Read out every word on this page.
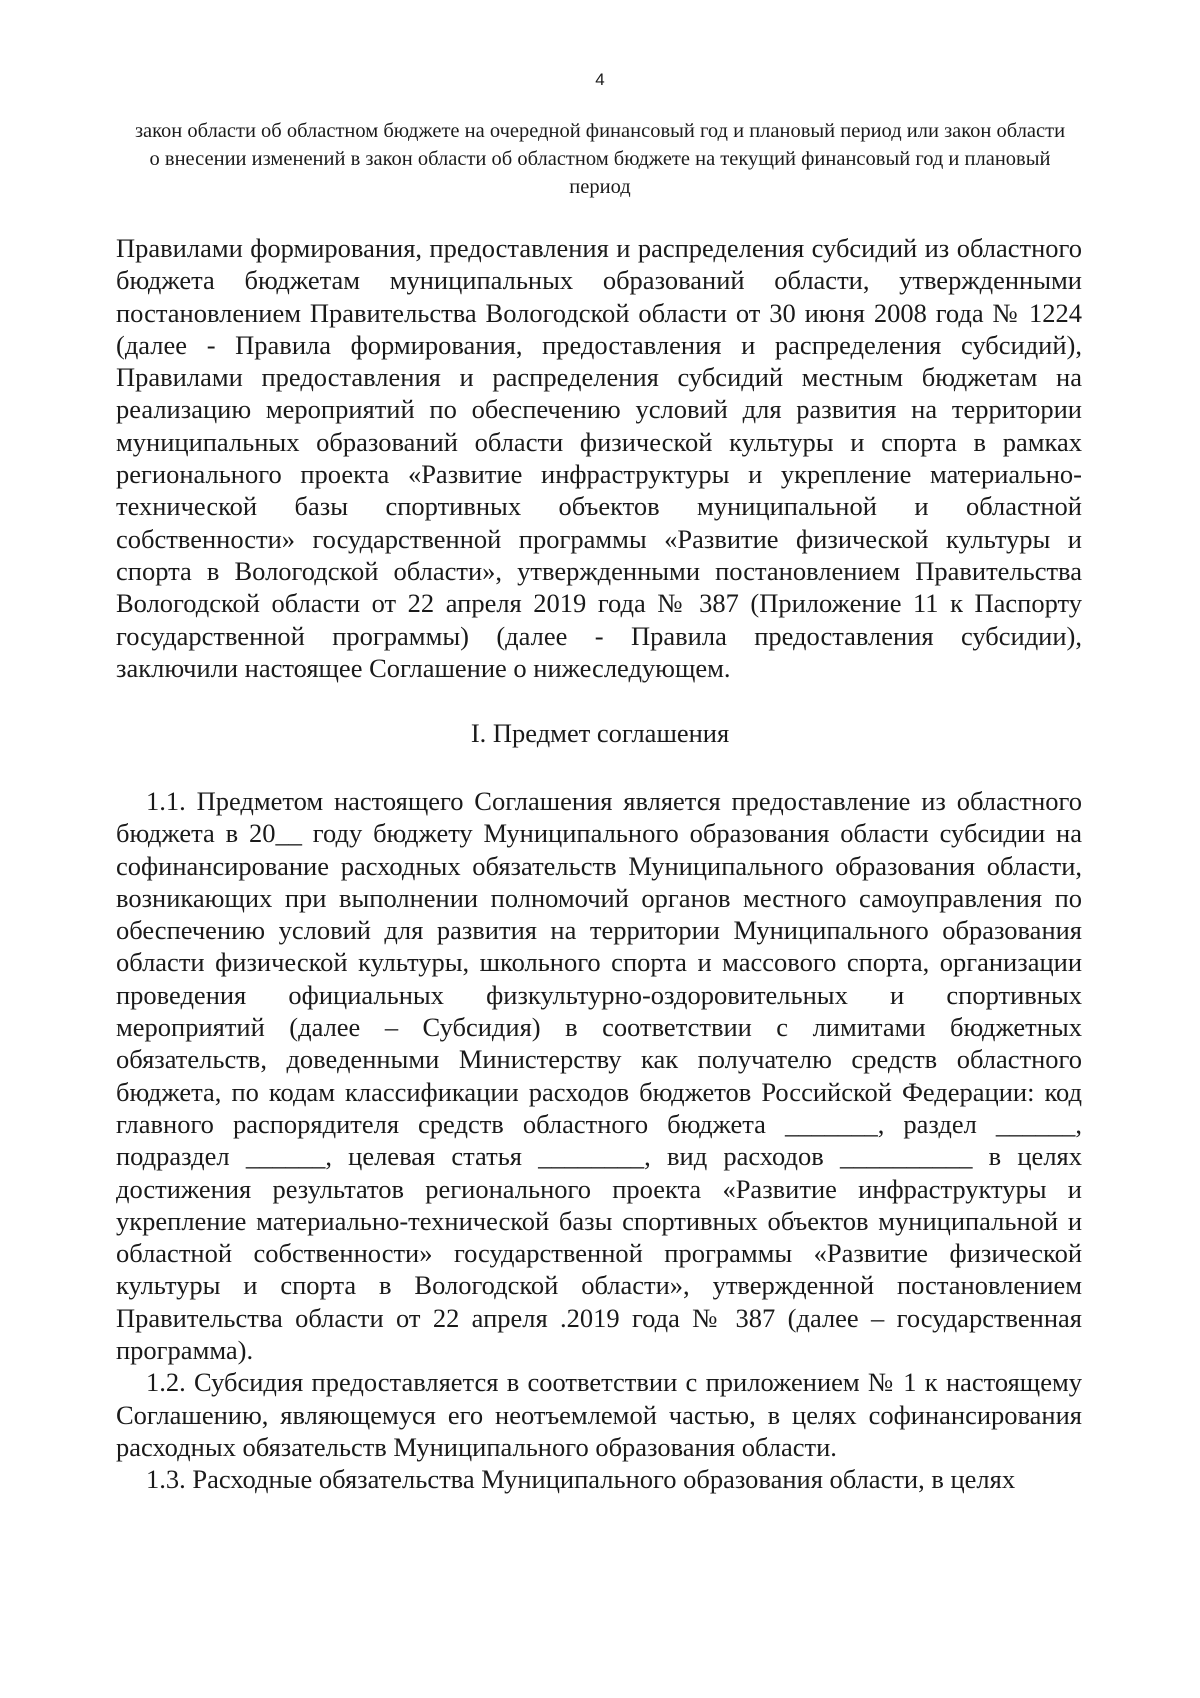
4
закон области об областном бюджете на очередной финансовый год и плановый период или закон области о внесении изменений в закон области об областном бюджете на текущий финансовый год и плановый период

Правилами формирования, предоставления и распределения субсидий из областного бюджета бюджетам муниципальных образований области, утвержденными постановлением Правительства Вологодской области от 30 июня 2008 года № 1224 (далее - Правила формирования, предоставления и распределения субсидий), Правилами предоставления и распределения субсидий местным бюджетам на реализацию мероприятий по обеспечению условий для развития на территории муниципальных образований области физической культуры и спорта в рамках регионального проекта «Развитие инфраструктуры и укрепление материально-технической базы спортивных объектов муниципальной и областной собственности» государственной программы «Развитие физической культуры и спорта в Вологодской области», утвержденными постановлением Правительства Вологодской области от 22 апреля 2019 года № 387 (Приложение 11 к Паспорту государственной программы) (далее - Правила предоставления субсидии), заключили настоящее Соглашение о нижеследующем.

I. Предмет соглашения

1.1. Предметом настоящего Соглашения является предоставление из областного бюджета в 20__ году бюджету Муниципального образования области субсидии на софинансирование расходных обязательств Муниципального образования области, возникающих при выполнении полномочий органов местного самоуправления по обеспечению условий для развития на территории Муниципального образования области физической культуры, школьного спорта и массового спорта, организации проведения официальных физкультурно-оздоровительных и спортивных мероприятий (далее – Субсидия) в соответствии с лимитами бюджетных обязательств, доведенными Министерству как получателю средств областного бюджета, по кодам классификации расходов бюджетов Российской Федерации: код главного распорядителя средств областного бюджета _______, раздел ______, подраздел ______, целевая статья ________, вид расходов __________ в целях достижения результатов регионального проекта «Развитие инфраструктуры и укрепление материально-технической базы спортивных объектов муниципальной и областной собственности» государственной программы «Развитие физической культуры и спорта в Вологодской области», утвержденной постановлением Правительства области от 22 апреля .2019 года № 387 (далее – государственная программа).

1.2. Субсидия предоставляется в соответствии с приложением № 1 к настоящему Соглашению, являющемуся его неотъемлемой частью, в целях софинансирования расходных обязательств Муниципального образования области.

1.3. Расходные обязательства Муниципального образования области, в целях
